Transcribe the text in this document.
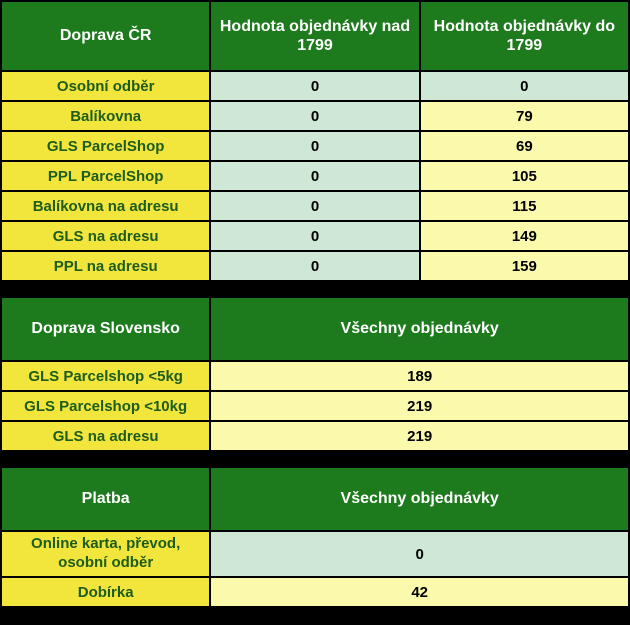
Doprava ČR	Hodnota objednávky nad 1799	Hodnota objednávky do 1799
Osobní odběr	0	0
Balíkovna	0	79
GLS ParcelShop	0	69
PPL ParcelShop	0	105
Balíkovna na adresu	0	115
GLS na adresu	0	149
PPL na adresu	0	159
Doprava Slovensko	Všechny objednávky
GLS Parcelshop <5kg	189
GLS Parcelshop <10kg	219
GLS na adresu	219
Platba	Všechny objednávky
Online karta, převod, osobní odběr	0
Dobírka	42
